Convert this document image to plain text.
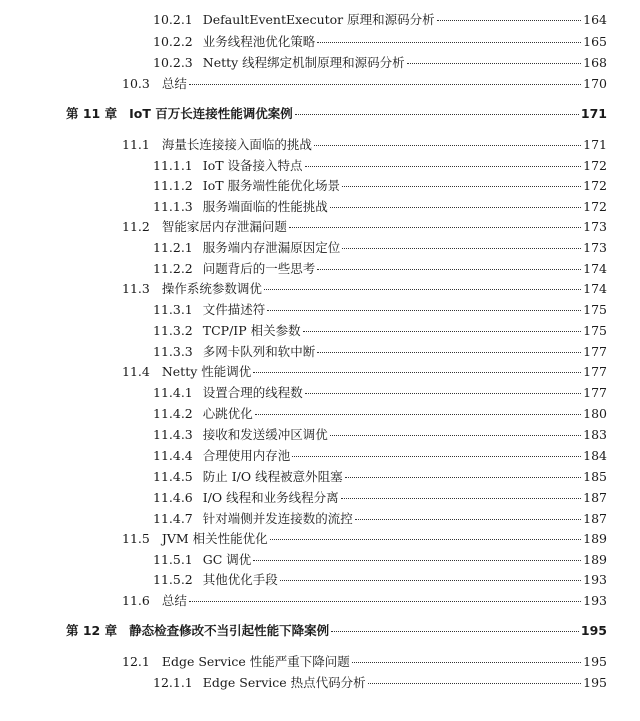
10.2.1 DefaultEventExecutor 原理和源码分析	164
10.2.2 业务线程池优化策略	165
10.2.3 Netty 线程绑定机制原理和源码分析	168
10.3 总结	170
第 11 章 IoT 百万长连接性能调优案例	171
11.1 海量长连接接入面临的挑战	171
11.1.1 IoT 设备接入特点	172
11.1.2 IoT 服务端性能优化场景	172
11.1.3 服务端面临的性能挑战	172
11.2 智能家居内存泄漏问题	173
11.2.1 服务端内存泄漏原因定位	173
11.2.2 问题背后的一些思考	174
11.3 操作系统参数调优	174
11.3.1 文件描述符	175
11.3.2 TCP/IP 相关参数	175
11.3.3 多网卡队列和软中断	177
11.4 Netty 性能调优	177
11.4.1 设置合理的线程数	177
11.4.2 心跳优化	180
11.4.3 接收和发送缓冲区调优	183
11.4.4 合理使用内存池	184
11.4.5 防止 I/O 线程被意外阻塞	185
11.4.6 I/O 线程和业务线程分离	187
11.4.7 针对端侧并发连接数的流控	187
11.5 JVM 相关性能优化	189
11.5.1 GC 调优	189
11.5.2 其他优化手段	193
11.6 总结	193
第 12 章 静态检查修改不当引起性能下降案例	195
12.1 Edge Service 性能严重下降问题	195
12.1.1 Edge Service 热点代码分析	195
